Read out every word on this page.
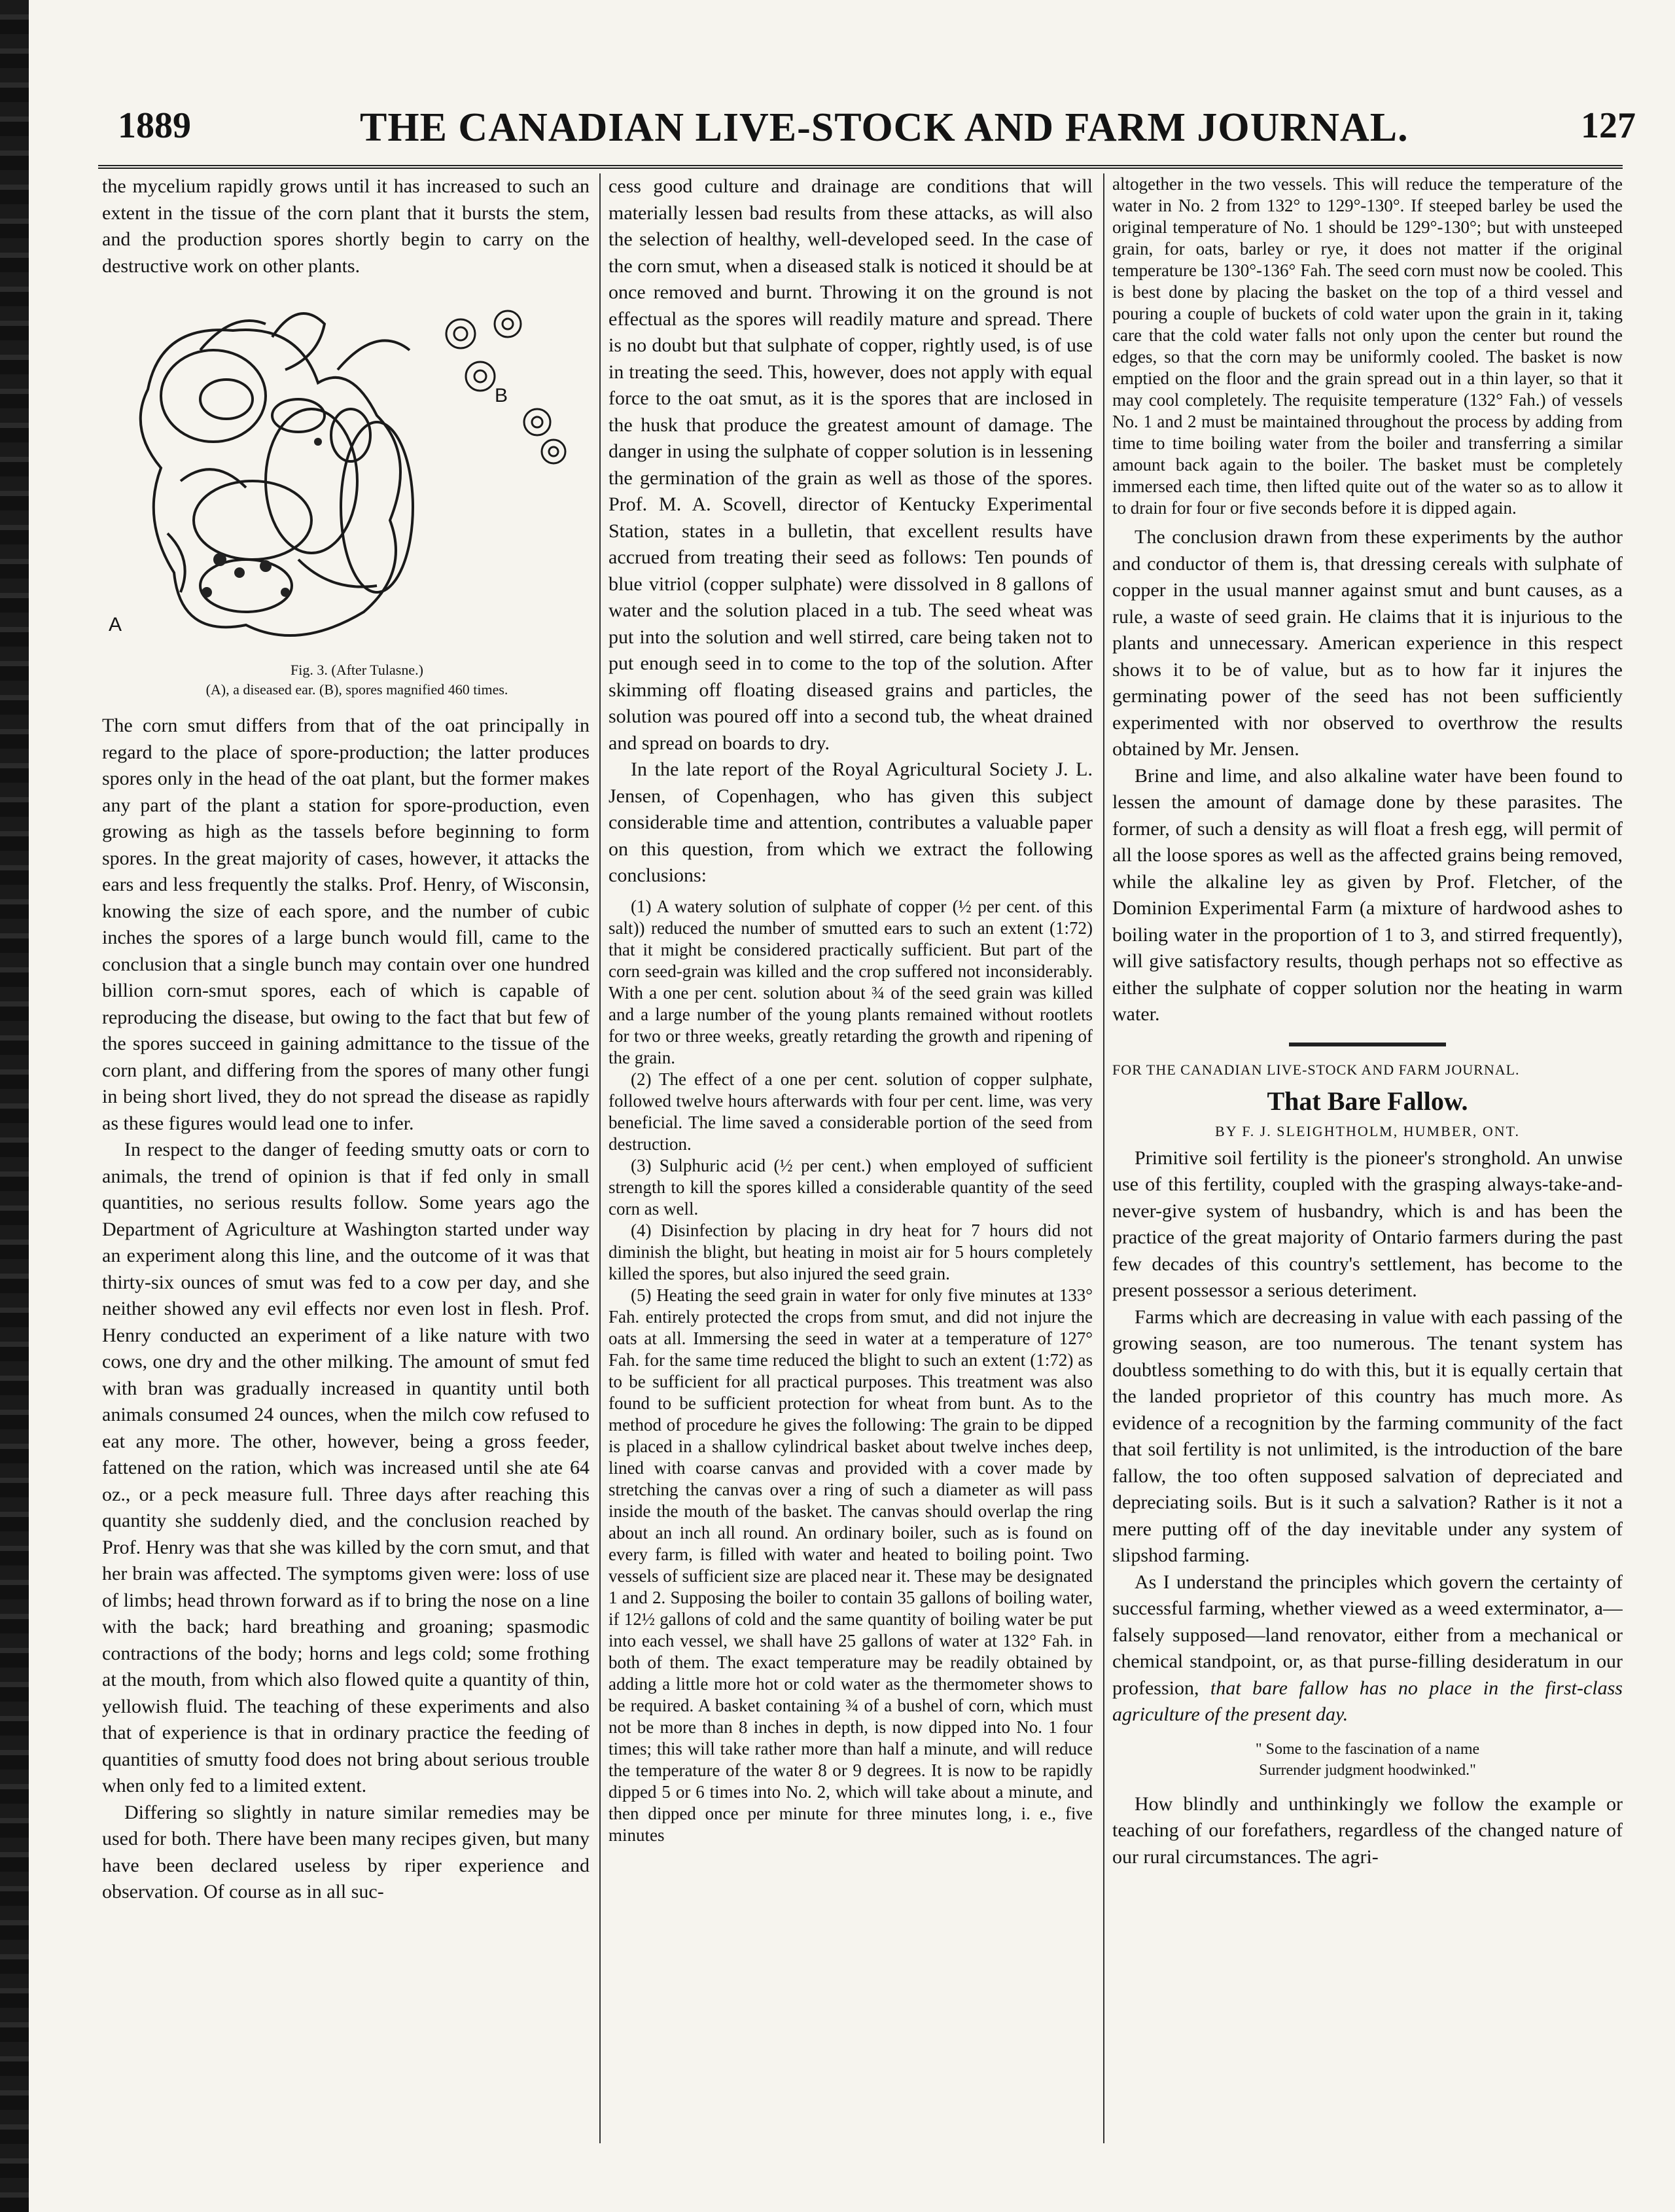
1889	THE CANADIAN LIVE-STOCK AND FARM JOURNAL.	127

the mycelium rapidly grows until it has increased to such an extent in the tissue of the corn plant that it bursts the stem, and the production spores shortly begin to carry on the destructive work on other plants.

B
A

Fig. 3. (After Tulasne.)

(A), a diseased ear. (B), spores magnified 460 times.

The corn smut differs from that of the oat principally in regard to the place of spore-production; the latter produces spores only in the head of the oat plant, but the former makes any part of the plant a station for spore-production, even growing as high as the tassels before beginning to form spores. In the great majority of cases, however, it attacks the ears and less frequently the stalks. Prof. Henry, of Wisconsin, knowing the size of each spore, and the number of cubic inches the spores of a large bunch would fill, came to the conclusion that a single bunch may contain over one hundred billion corn-smut spores, each of which is capable of reproducing the disease, but owing to the fact that but few of the spores succeed in gaining admittance to the tissue of the corn plant, and differing from the spores of many other fungi in being short lived, they do not spread the disease as rapidly as these figures would lead one to infer.

In respect to the danger of feeding smutty oats or corn to animals, the trend of opinion is that if fed only in small quantities, no serious results follow. Some years ago the Department of Agriculture at Washington started under way an experiment along this line, and the outcome of it was that thirty-six ounces of smut was fed to a cow per day, and she neither showed any evil effects nor even lost in flesh. Prof. Henry conducted an experiment of a like nature with two cows, one dry and the other milking. The amount of smut fed with bran was gradually increased in quantity until both animals consumed 24 ounces, when the milch cow refused to eat any more. The other, however, being a gross feeder, fattened on the ration, which was increased until she ate 64 oz., or a peck measure full. Three days after reaching this quantity she suddenly died, and the conclusion reached by Prof. Henry was that she was killed by the corn smut, and that her brain was affected. The symptoms given were: loss of use of limbs; head thrown forward as if to bring the nose on a line with the back; hard breathing and groaning; spasmodic contractions of the body; horns and legs cold; some frothing at the mouth, from which also flowed quite a quantity of thin, yellowish fluid. The teaching of these experiments and also that of experience is that in ordinary practice the feeding of quantities of smutty food does not bring about serious trouble when only fed to a limited extent.

Differing so slightly in nature similar remedies may be used for both. There have been many recipes given, but many have been declared useless by riper experience and observation. Of course as in all suc-

cess good culture and drainage are conditions that will materially lessen bad results from these attacks, as will also the selection of healthy, well-developed seed. In the case of the corn smut, when a diseased stalk is noticed it should be at once removed and burnt. Throwing it on the ground is not effectual as the spores will readily mature and spread. There is no doubt but that sulphate of copper, rightly used, is of use in treating the seed. This, however, does not apply with equal force to the oat smut, as it is the spores that are inclosed in the husk that produce the greatest amount of damage. The danger in using the sulphate of copper solution is in lessening the germination of the grain as well as those of the spores. Prof. M. A. Scovell, director of Kentucky Experimental Station, states in a bulletin, that excellent results have accrued from treating their seed as follows: Ten pounds of blue vitriol (copper sulphate) were dissolved in 8 gallons of water and the solution placed in a tub. The seed wheat was put into the solution and well stirred, care being taken not to put enough seed in to come to the top of the solution. After skimming off floating diseased grains and particles, the solution was poured off into a second tub, the wheat drained and spread on boards to dry.

In the late report of the Royal Agricultural Society J. L. Jensen, of Copenhagen, who has given this subject considerable time and attention, contributes a valuable paper on this question, from which we extract the following conclusions:

(1) A watery solution of sulphate of copper (½ per cent. of this salt)) reduced the number of smutted ears to such an extent (1:72) that it might be considered practically sufficient. But part of the corn seed-grain was killed and the crop suffered not inconsiderably. With a one per cent. solution about ¾ of the seed grain was killed and a large number of the young plants remained without rootlets for two or three weeks, greatly retarding the growth and ripening of the grain.

(2) The effect of a one per cent. solution of copper sulphate, followed twelve hours afterwards with four per cent. lime, was very beneficial. The lime saved a considerable portion of the seed from destruction.

(3) Sulphuric acid (½ per cent.) when employed of sufficient strength to kill the spores killed a considerable quantity of the seed corn as well.

(4) Disinfection by placing in dry heat for 7 hours did not diminish the blight, but heating in moist air for 5 hours completely killed the spores, but also injured the seed grain.

(5) Heating the seed grain in water for only five minutes at 133° Fah. entirely protected the crops from smut, and did not injure the oats at all. Immersing the seed in water at a temperature of 127° Fah. for the same time reduced the blight to such an extent (1:72) as to be sufficient for all practical purposes. This treatment was also found to be sufficient protection for wheat from bunt. As to the method of procedure he gives the following: The grain to be dipped is placed in a shallow cylindrical basket about twelve inches deep, lined with coarse canvas and provided with a cover made by stretching the canvas over a ring of such a diameter as will pass inside the mouth of the basket. The canvas should overlap the ring about an inch all round. An ordinary boiler, such as is found on every farm, is filled with water and heated to boiling point. Two vessels of sufficient size are placed near it. These may be designated 1 and 2. Supposing the boiler to contain 35 gallons of boiling water, if 12½ gallons of cold and the same quantity of boiling water be put into each vessel, we shall have 25 gallons of water at 132° Fah. in both of them. The exact temperature may be readily obtained by adding a little more hot or cold water as the thermometer shows to be required. A basket containing ¾ of a bushel of corn, which must not be more than 8 inches in depth, is now dipped into No. 1 four times; this will take rather more than half a minute, and will reduce the temperature of the water 8 or 9 degrees. It is now to be rapidly dipped 5 or 6 times into No. 2, which will take about a minute, and then dipped once per minute for three minutes long, i. e., five minutes

altogether in the two vessels. This will reduce the temperature of the water in No. 2 from 132° to 129°-130°. If steeped barley be used the original temperature of No. 1 should be 129°-130°; but with unsteeped grain, for oats, barley or rye, it does not matter if the original temperature be 130°-136° Fah. The seed corn must now be cooled. This is best done by placing the basket on the top of a third vessel and pouring a couple of buckets of cold water upon the grain in it, taking care that the cold water falls not only upon the center but round the edges, so that the corn may be uniformly cooled. The basket is now emptied on the floor and the grain spread out in a thin layer, so that it may cool completely. The requisite temperature (132° Fah.) of vessels No. 1 and 2 must be maintained throughout the process by adding from time to time boiling water from the boiler and transferring a similar amount back again to the boiler. The basket must be completely immersed each time, then lifted quite out of the water so as to allow it to drain for four or five seconds before it is dipped again.

The conclusion drawn from these experiments by the author and conductor of them is, that dressing cereals with sulphate of copper in the usual manner against smut and bunt causes, as a rule, a waste of seed grain. He claims that it is injurious to the plants and unnecessary. American experience in this respect shows it to be of value, but as to how far it injures the germinating power of the seed has not been sufficiently experimented with nor observed to overthrow the results obtained by Mr. Jensen.

Brine and lime, and also alkaline water have been found to lessen the amount of damage done by these parasites. The former, of such a density as will float a fresh egg, will permit of all the loose spores as well as the affected grains being removed, while the alkaline ley as given by Prof. Fletcher, of the Dominion Experimental Farm (a mixture of hardwood ashes to boiling water in the proportion of 1 to 3, and stirred frequently), will give satisfactory results, though perhaps not so effective as either the sulphate of copper solution nor the heating in warm water.

FOR THE CANADIAN LIVE-STOCK AND FARM JOURNAL.

That Bare Fallow.

BY F. J. SLEIGHTHOLM, HUMBER, ONT.

Primitive soil fertility is the pioneer's stronghold. An unwise use of this fertility, coupled with the grasping always-take-and-never-give system of husbandry, which is and has been the practice of the great majority of Ontario farmers during the past few decades of this country's settlement, has become to the present possessor a serious deteriment.

Farms which are decreasing in value with each passing of the growing season, are too numerous. The tenant system has doubtless something to do with this, but it is equally certain that the landed proprietor of this country has much more. As evidence of a recognition by the farming community of the fact that soil fertility is not unlimited, is the introduction of the bare fallow, the too often supposed salvation of depreciated and depreciating soils. But is it such a salvation? Rather is it not a mere putting off of the day inevitable under any system of slipshod farming.

As I understand the principles which govern the certainty of successful farming, whether viewed as a weed exterminator, a—falsely supposed—land renovator, either from a mechanical or chemical standpoint, or, as that purse-filling desideratum in our profession, that bare fallow has no place in the first-class agriculture of the present day.

" Some to the fascination of a name
Surrender judgment hoodwinked."

How blindly and unthinkingly we follow the example or teaching of our forefathers, regardless of the changed nature of our rural circumstances. The agri-
